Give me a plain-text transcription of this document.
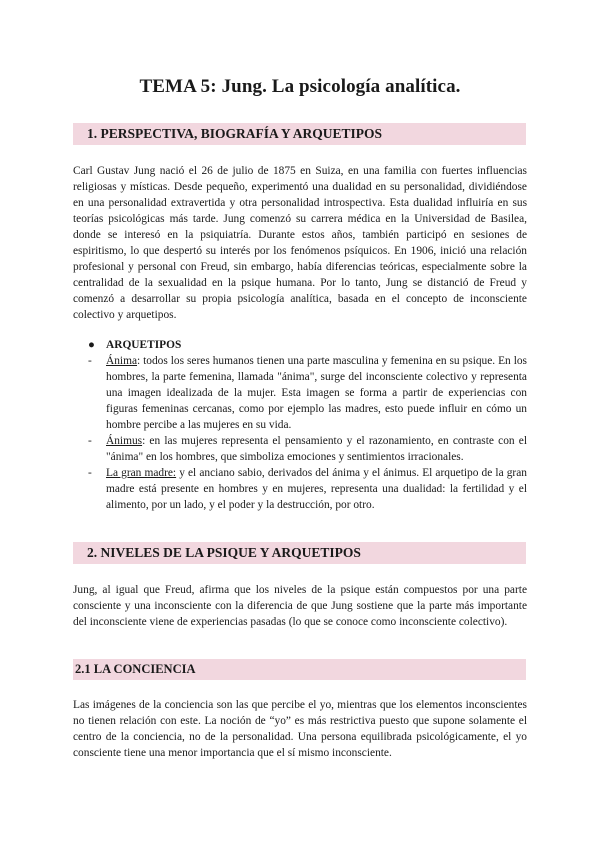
TEMA 5: Jung. La psicología analítica.
1. PERSPECTIVA, BIOGRAFÍA Y ARQUETIPOS

Carl Gustav Jung nació el 26 de julio de 1875 en Suiza, en una familia con fuertes influencias religiosas y místicas. Desde pequeño, experimentó una dualidad en su personalidad, dividiéndose en una personalidad extravertida y otra personalidad introspectiva. Esta dualidad influiría en sus teorías psicológicas más tarde. Jung comenzó su carrera médica en la Universidad de Basilea, donde se interesó en la psiquiatría. Durante estos años, también participó en sesiones de espiritismo, lo que despertó su interés por los fenómenos psíquicos. En 1906, inició una relación profesional y personal con Freud, sin embargo, había diferencias teóricas, especialmente sobre la centralidad de la sexualidad en la psique humana. Por lo tanto, Jung se distanció de Freud y comenzó a desarrollar su propia psicología analítica, basada en el concepto de inconsciente colectivo y arquetipos.

● ARQUETIPOS
- Ánima: todos los seres humanos tienen una parte masculina y femenina en su psique. En los hombres, la parte femenina, llamada "ánima", surge del inconsciente colectivo y representa una imagen idealizada de la mujer. Esta imagen se forma a partir de experiencias con figuras femeninas cercanas, como por ejemplo las madres, esto puede influir en cómo un hombre percibe a las mujeres en su vida.
- Ánimus: en las mujeres representa el pensamiento y el razonamiento, en contraste con el "ánima" en los hombres, que simboliza emociones y sentimientos irracionales.
- La gran madre: y el anciano sabio, derivados del ánima y el ánimus. El arquetipo de la gran madre está presente en hombres y en mujeres, representa una dualidad: la fertilidad y el alimento, por un lado, y el poder y la destrucción, por otro.
2. NIVELES DE LA PSIQUE Y ARQUETIPOS

Jung, al igual que Freud, afirma que los niveles de la psique están compuestos por una parte consciente y una inconsciente con la diferencia de que Jung sostiene que la parte más importante del inconsciente viene de experiencias pasadas (lo que se conoce como inconsciente colectivo).

2.1 LA CONCIENCIA

Las imágenes de la conciencia son las que percibe el yo, mientras que los elementos inconscientes no tienen relación con este. La noción de “yo” es más restrictiva puesto que supone solamente el centro de la conciencia, no de la personalidad. Una persona equilibrada psicológicamente, el yo consciente tiene una menor importancia que el sí mismo inconsciente.
